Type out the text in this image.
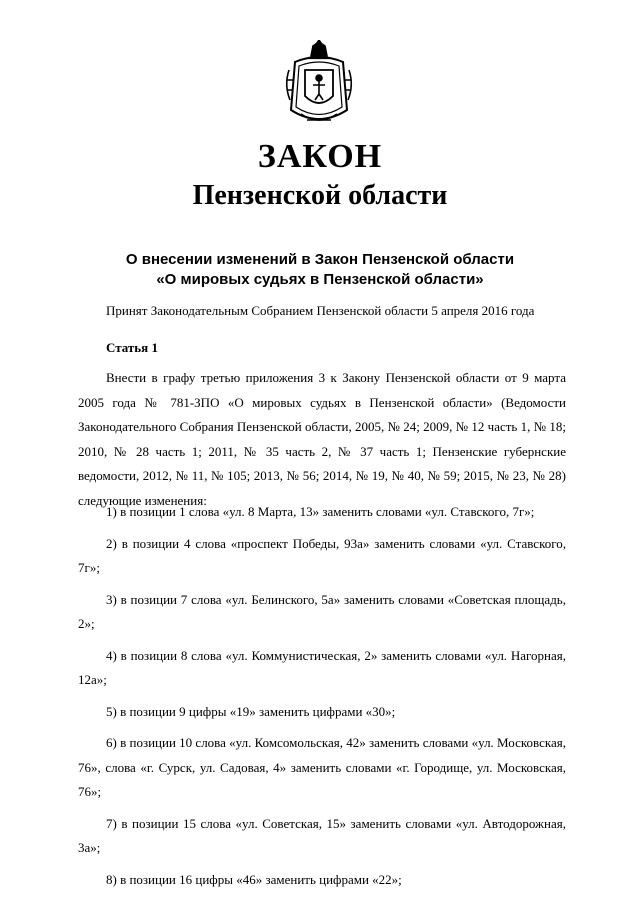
ЗАКОН
Пензенской области
О внесении изменений в Закон Пензенской области
«О мировых судьях в Пензенской области»
Принят Законодательным Собранием Пензенской области 5 апреля 2016 года
Статья 1

Внести в графу третью приложения 3 к Закону Пензенской области от 9 марта 2005 года № 781-ЗПО «О мировых судьях в Пензенской области» (Ведомости Законодательного Собрания Пензенской области, 2005, № 24; 2009, № 12 часть 1, № 18; 2010, № 28 часть 1; 2011, № 35 часть 2, № 37 часть 1; Пензенские губернские ведомости, 2012, № 11, № 105; 2013, № 56; 2014, № 19, № 40, № 59; 2015, № 23, № 28) следующие изменения:

1) в позиции 1 слова «ул. 8 Марта, 13» заменить словами «ул. Ставского, 7г»;

2) в позиции 4 слова «проспект Победы, 93а» заменить словами «ул. Ставского, 7г»;

3) в позиции 7 слова «ул. Белинского, 5а» заменить словами «Советская площадь, 2»;

4) в позиции 8 слова «ул. Коммунистическая, 2» заменить словами «ул. Нагорная, 12а»;

5) в позиции 9 цифры «19» заменить цифрами «30»;

6) в позиции 10 слова «ул. Комсомольская, 42» заменить словами «ул. Московская, 76», слова «г. Сурск, ул. Садовая, 4» заменить словами «г. Городище, ул. Московская, 76»;

7) в позиции 15 слова «ул. Советская, 15» заменить словами «ул. Автодорожная, 3а»;

8) в позиции 16 цифры «46» заменить цифрами «22»;
